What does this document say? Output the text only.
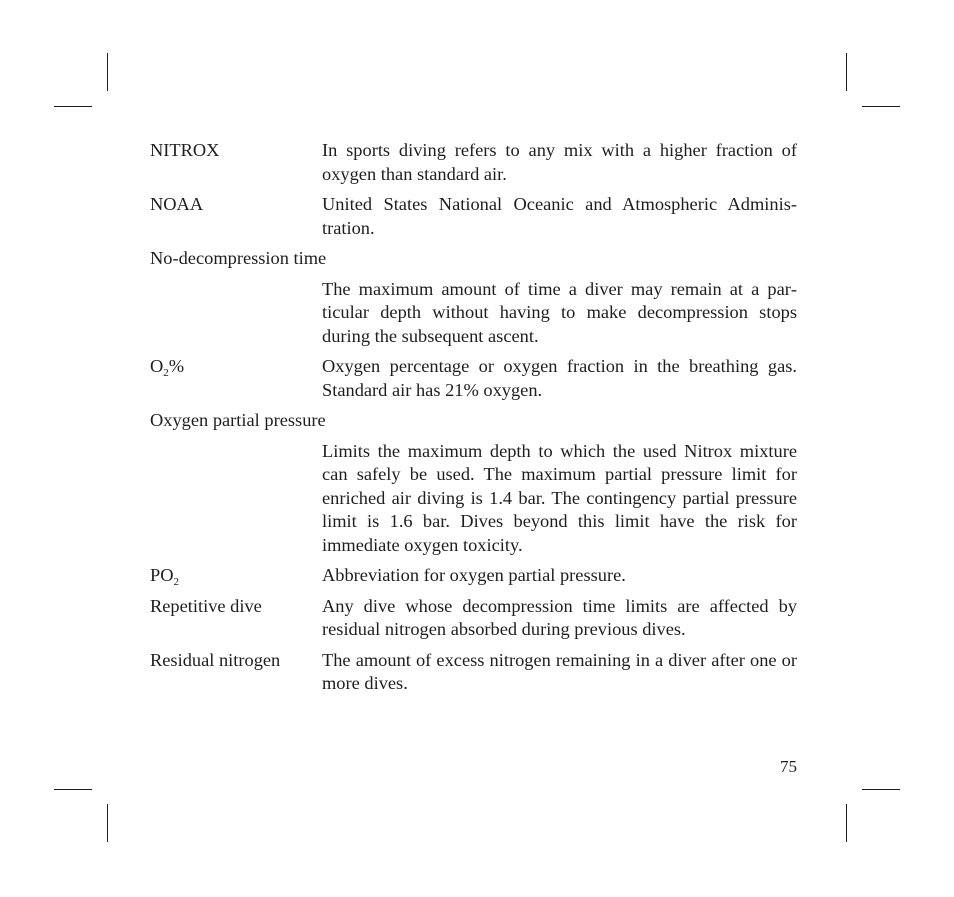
NITROX	In sports diving refers to any mix with a higher fraction of oxygen than standard air.
NOAA	United States National Oceanic and Atmospheric Administration.
No-decompression time
The maximum amount of time a diver may remain at a particular depth without having to make decompression stops during the subsequent ascent.
$O_2\%$	Oxygen percentage or oxygen fraction in the breathing gas. Standard air has 21% oxygen.
Oxygen partial pressure
Limits the maximum depth to which the used Nitrox mixture can safely be used. The maximum partial pressure limit for enriched air diving is 1.4 bar. The contingency partial pressure limit is 1.6 bar. Dives beyond this limit have the risk for immediate oxygen toxicity.
$PO_2$	Abbreviation for oxygen partial pressure.
Repetitive dive	Any dive whose decompression time limits are affected by residual nitrogen absorbed during previous dives.
Residual nitrogen	The amount of excess nitrogen remaining in a diver after one or more dives.
75
